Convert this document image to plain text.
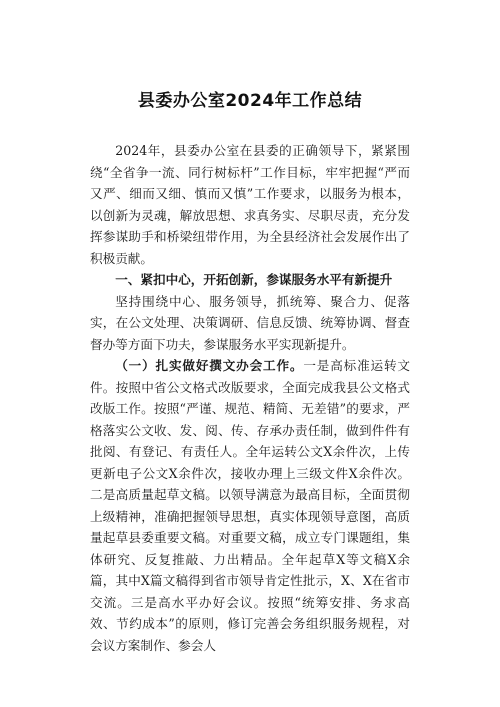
县委办公室2024年工作总结

2024年，县委办公室在县委的正确领导下，紧紧围绕“全省争一流、同行树标杆”工作目标，牢牢把握“严而又严、细而又细、慎而又慎”工作要求，以服务为根本，以创新为灵魂，解放思想、求真务实、尽职尽责，充分发挥参谋助手和桥梁纽带作用，为全县经济社会发展作出了积极贡献。

一、紧扣中心，开拓创新，参谋服务水平有新提升

坚持围绕中心、服务领导，抓统筹、聚合力、促落实，在公文处理、决策调研、信息反馈、统筹协调、督查督办等方面下功夫，参谋服务水平实现新提升。

（一）扎实做好撰文办会工作。一是高标准运转文件。按照中省公文格式改版要求，全面完成我县公文格式改版工作。按照“严谨、规范、精简、无差错”的要求，严格落实公文收、发、阅、传、存承办责任制，做到件件有批阅、有登记、有责任人。全年运转公文X余件次，上传更新电子公文X余件次，接收办理上三级文件X余件次。二是高质量起草文稿。以领导满意为最高目标，全面贯彻上级精神，准确把握领导思想，真实体现领导意图，高质量起草县委重要文稿。对重要文稿，成立专门课题组，集体研究、反复推敲、力出精品。全年起草X等文稿X余篇，其中X篇文稿得到省市领导肯定性批示，X、X在省市交流。三是高水平办好会议。按照“统筹安排、务求高效、节约成本”的原则，修订完善会务组织服务规程，对会议方案制作、参会人
